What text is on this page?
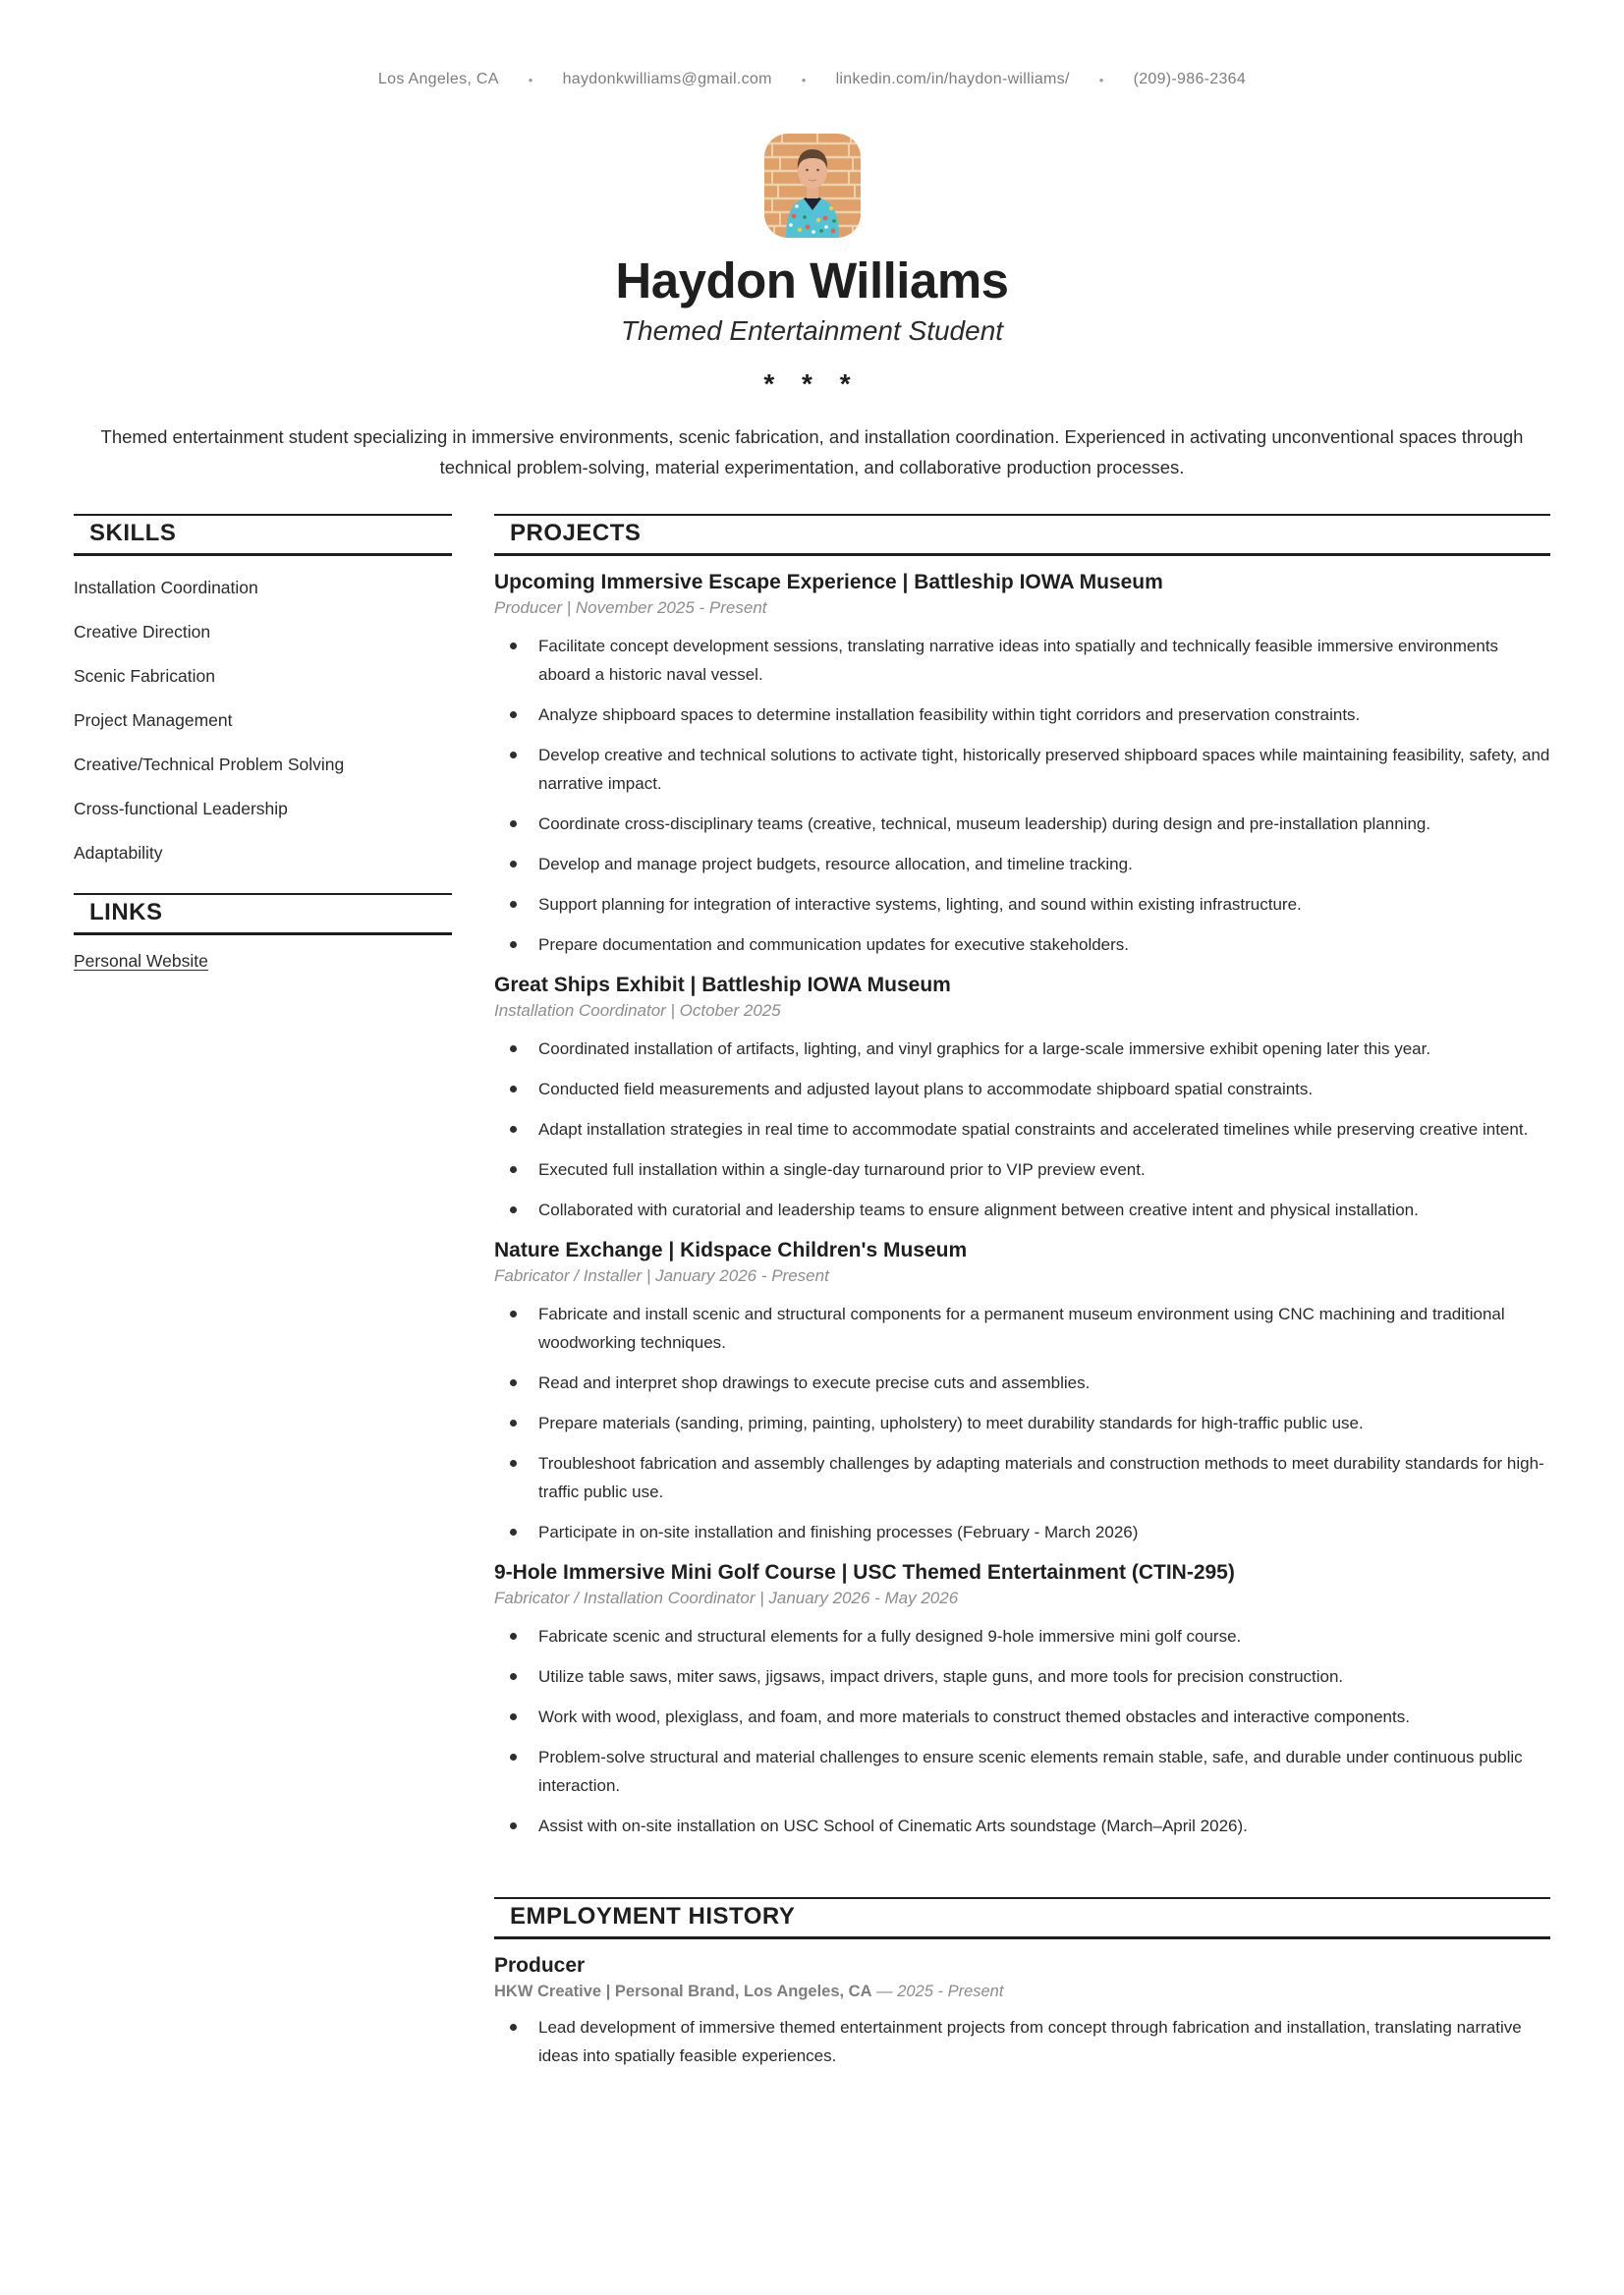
Los Angeles, CA • haydonkwilliams@gmail.com • linkedin.com/in/haydon-williams/ • (209)-986-2364
Haydon Williams
Themed Entertainment Student
* * *

Themed entertainment student specializing in immersive environments, scenic fabrication, and installation coordination. Experienced in activating unconventional spaces through technical problem-solving, material experimentation, and collaborative production processes.

SKILLS
Installation Coordination
Creative Direction
Scenic Fabrication
Project Management
Creative/Technical Problem Solving
Cross-functional Leadership
Adaptability
LINKS
Personal Website
PROJECTS
Upcoming Immersive Escape Experience | Battleship IOWA Museum
Producer | November 2025 - Present
Facilitate concept development sessions, translating narrative ideas into spatially and technically feasible immersive environments aboard a historic naval vessel.
Analyze shipboard spaces to determine installation feasibility within tight corridors and preservation constraints.
Develop creative and technical solutions to activate tight, historically preserved shipboard spaces while maintaining feasibility, safety, and narrative impact.
Coordinate cross-disciplinary teams (creative, technical, museum leadership) during design and pre-installation planning.
Develop and manage project budgets, resource allocation, and timeline tracking.
Support planning for integration of interactive systems, lighting, and sound within existing infrastructure.
Prepare documentation and communication updates for executive stakeholders.
Great Ships Exhibit | Battleship IOWA Museum
Installation Coordinator | October 2025
Coordinated installation of artifacts, lighting, and vinyl graphics for a large-scale immersive exhibit opening later this year.
Conducted field measurements and adjusted layout plans to accommodate shipboard spatial constraints.
Adapt installation strategies in real time to accommodate spatial constraints and accelerated timelines while preserving creative intent.
Executed full installation within a single-day turnaround prior to VIP preview event.
Collaborated with curatorial and leadership teams to ensure alignment between creative intent and physical installation.
Nature Exchange | Kidspace Children's Museum
Fabricator / Installer | January 2026 - Present
Fabricate and install scenic and structural components for a permanent museum environment using CNC machining and traditional woodworking techniques.
Read and interpret shop drawings to execute precise cuts and assemblies.
Prepare materials (sanding, priming, painting, upholstery) to meet durability standards for high-traffic public use.
Troubleshoot fabrication and assembly challenges by adapting materials and construction methods to meet durability standards for high-traffic public use.
Participate in on-site installation and finishing processes (February - March 2026)
9-Hole Immersive Mini Golf Course | USC Themed Entertainment (CTIN-295)
Fabricator / Installation Coordinator | January 2026 - May 2026
Fabricate scenic and structural elements for a fully designed 9-hole immersive mini golf course.
Utilize table saws, miter saws, jigsaws, impact drivers, staple guns, and more tools for precision construction.
Work with wood, plexiglass, and foam, and more materials to construct themed obstacles and interactive components.
Problem-solve structural and material challenges to ensure scenic elements remain stable, safe, and durable under continuous public interaction.
Assist with on-site installation on USC School of Cinematic Arts soundstage (March–April 2026).
EMPLOYMENT HISTORY
Producer
HKW Creative | Personal Brand, Los Angeles, CA — 2025 - Present
Lead development of immersive themed entertainment projects from concept through fabrication and installation, translating narrative ideas into spatially feasible experiences.
